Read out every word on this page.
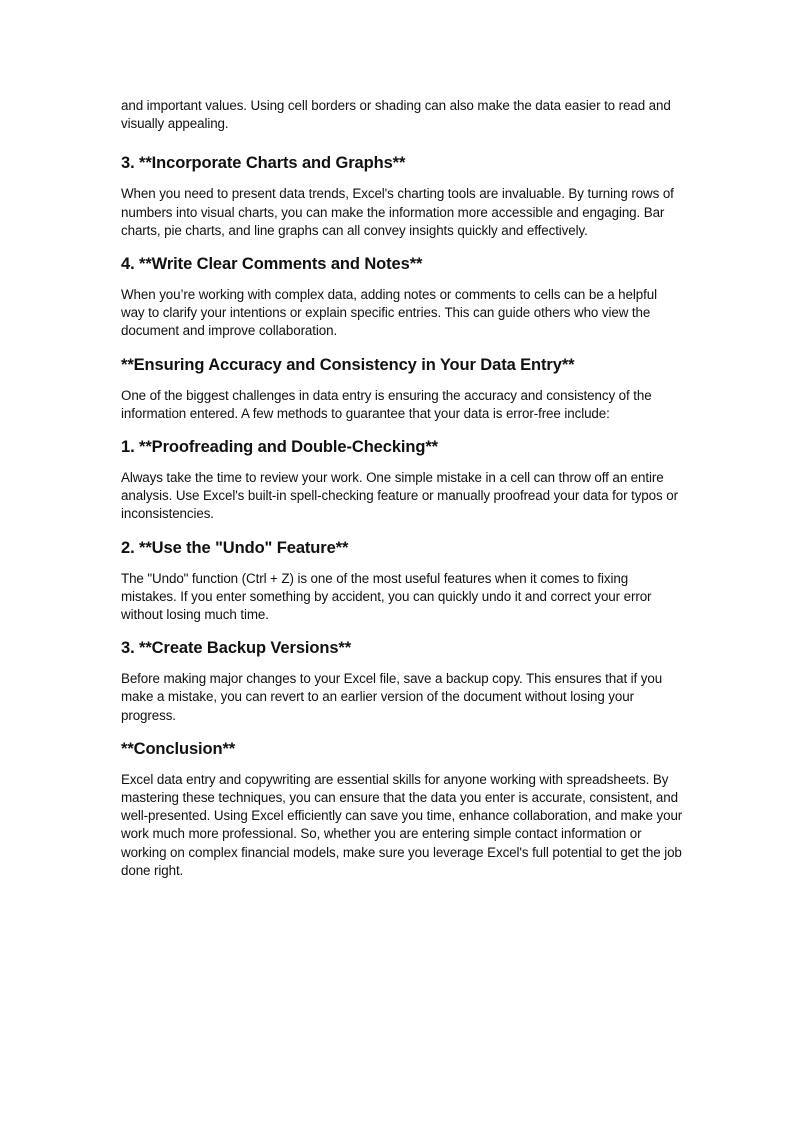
and important values. Using cell borders or shading can also make the data easier to read and visually appealing.

3. **Incorporate Charts and Graphs**

When you need to present data trends, Excel's charting tools are invaluable. By turning rows of numbers into visual charts, you can make the information more accessible and engaging. Bar charts, pie charts, and line graphs can all convey insights quickly and effectively.

4. **Write Clear Comments and Notes**

When you’re working with complex data, adding notes or comments to cells can be a helpful way to clarify your intentions or explain specific entries. This can guide others who view the document and improve collaboration.

**Ensuring Accuracy and Consistency in Your Data Entry**

One of the biggest challenges in data entry is ensuring the accuracy and consistency of the information entered. A few methods to guarantee that your data is error-free include:

1. **Proofreading and Double-Checking**

Always take the time to review your work. One simple mistake in a cell can throw off an entire analysis. Use Excel's built-in spell-checking feature or manually proofread your data for typos or inconsistencies.

2. **Use the "Undo" Feature**

The "Undo" function (Ctrl + Z) is one of the most useful features when it comes to fixing mistakes. If you enter something by accident, you can quickly undo it and correct your error without losing much time.

3. **Create Backup Versions**

Before making major changes to your Excel file, save a backup copy. This ensures that if you make a mistake, you can revert to an earlier version of the document without losing your progress.

**Conclusion**

Excel data entry and copywriting are essential skills for anyone working with spreadsheets. By mastering these techniques, you can ensure that the data you enter is accurate, consistent, and well-presented. Using Excel efficiently can save you time, enhance collaboration, and make your work much more professional. So, whether you are entering simple contact information or working on complex financial models, make sure you leverage Excel's full potential to get the job done right.
